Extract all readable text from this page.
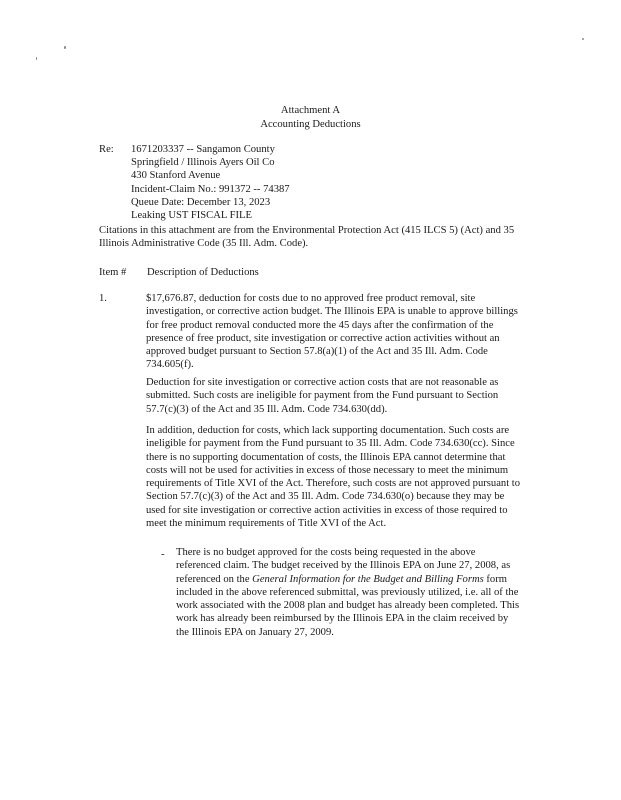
Attachment A
Accounting Deductions
Re: 1671203337 -- Sangamon County
Springfield / Illinois Ayers Oil Co
430 Stanford Avenue
Incident-Claim No.: 991372 -- 74387
Queue Date: December 13, 2023
Leaking UST FISCAL FILE

Citations in this attachment are from the Environmental Protection Act (415 ILCS 5) (Act) and 35 Illinois Administrative Code (35 Ill. Adm. Code).

Item # Description of Deductions
1.	$17,676.87, deduction for costs due to no approved free product removal, site investigation, or corrective action budget. The Illinois EPA is unable to approve billings for free product removal conducted more the 45 days after the confirmation of the presence of free product, site investigation or corrective action activities without an approved budget pursuant to Section 57.8(a)(1) of the Act and 35 Ill. Adm. Code 734.605(f).

Deduction for site investigation or corrective action costs that are not reasonable as submitted. Such costs are ineligible for payment from the Fund pursuant to Section 57.7(c)(3) of the Act and 35 Ill. Adm. Code 734.630(dd).

In addition, deduction for costs, which lack supporting documentation. Such costs are ineligible for payment from the Fund pursuant to 35 Ill. Adm. Code 734.630(cc). Since there is no supporting documentation of costs, the Illinois EPA cannot determine that costs will not be used for activities in excess of those necessary to meet the minimum requirements of Title XVI of the Act. Therefore, such costs are not approved pursuant to Section 57.7(c)(3) of the Act and 35 Ill. Adm. Code 734.630(o) because they may be used for site investigation or corrective action activities in excess of those required to meet the minimum requirements of Title XVI of the Act.

- There is no budget approved for the costs being requested in the above referenced claim. The budget received by the Illinois EPA on June 27, 2008, as referenced on the General Information for the Budget and Billing Forms form included in the above referenced submittal, was previously utilized, i.e. all of the work associated with the 2008 plan and budget has already been completed. This work has already been reimbursed by the Illinois EPA in the claim received by the Illinois EPA on January 27, 2009.
